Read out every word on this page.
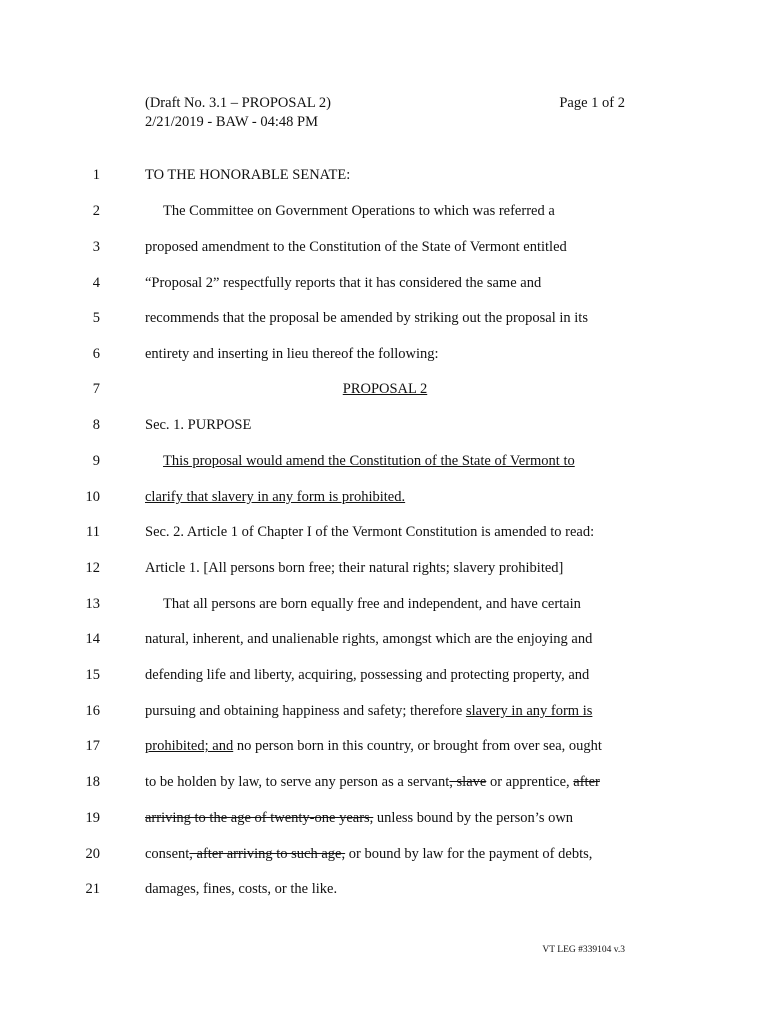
(Draft No. 3.1 – PROPOSAL 2)
2/21/2019 - BAW - 04:48 PM
Page 1 of 2
1	TO THE HONORABLE SENATE:
2	The Committee on Government Operations to which was referred a
3	proposed amendment to the Constitution of the State of Vermont entitled
4	“Proposal 2” respectfully reports that it has considered the same and
5	recommends that the proposal be amended by striking out the proposal in its
6	entirety and inserting in lieu thereof the following:
7	PROPOSAL 2
8	Sec. 1. PURPOSE
9	This proposal would amend the Constitution of the State of Vermont to
10	clarify that slavery in any form is prohibited.
11	Sec. 2. Article 1 of Chapter I of the Vermont Constitution is amended to read:
12	Article 1. [All persons born free; their natural rights; slavery prohibited]
13	That all persons are born equally free and independent, and have certain
14	natural, inherent, and unalienable rights, amongst which are the enjoying and
15	defending life and liberty, acquiring, possessing and protecting property, and
16	pursuing and obtaining happiness and safety; therefore slavery in any form is
17	prohibited; and no person born in this country, or brought from over sea, ought
18	to be holden by law, to serve any person as a servant, slave or apprentice, after
19	arriving to the age of twenty-one years, unless bound by the person’s own
20	consent, after arriving to such age, or bound by law for the payment of debts,
21	damages, fines, costs, or the like.
VT LEG #339104 v.3
